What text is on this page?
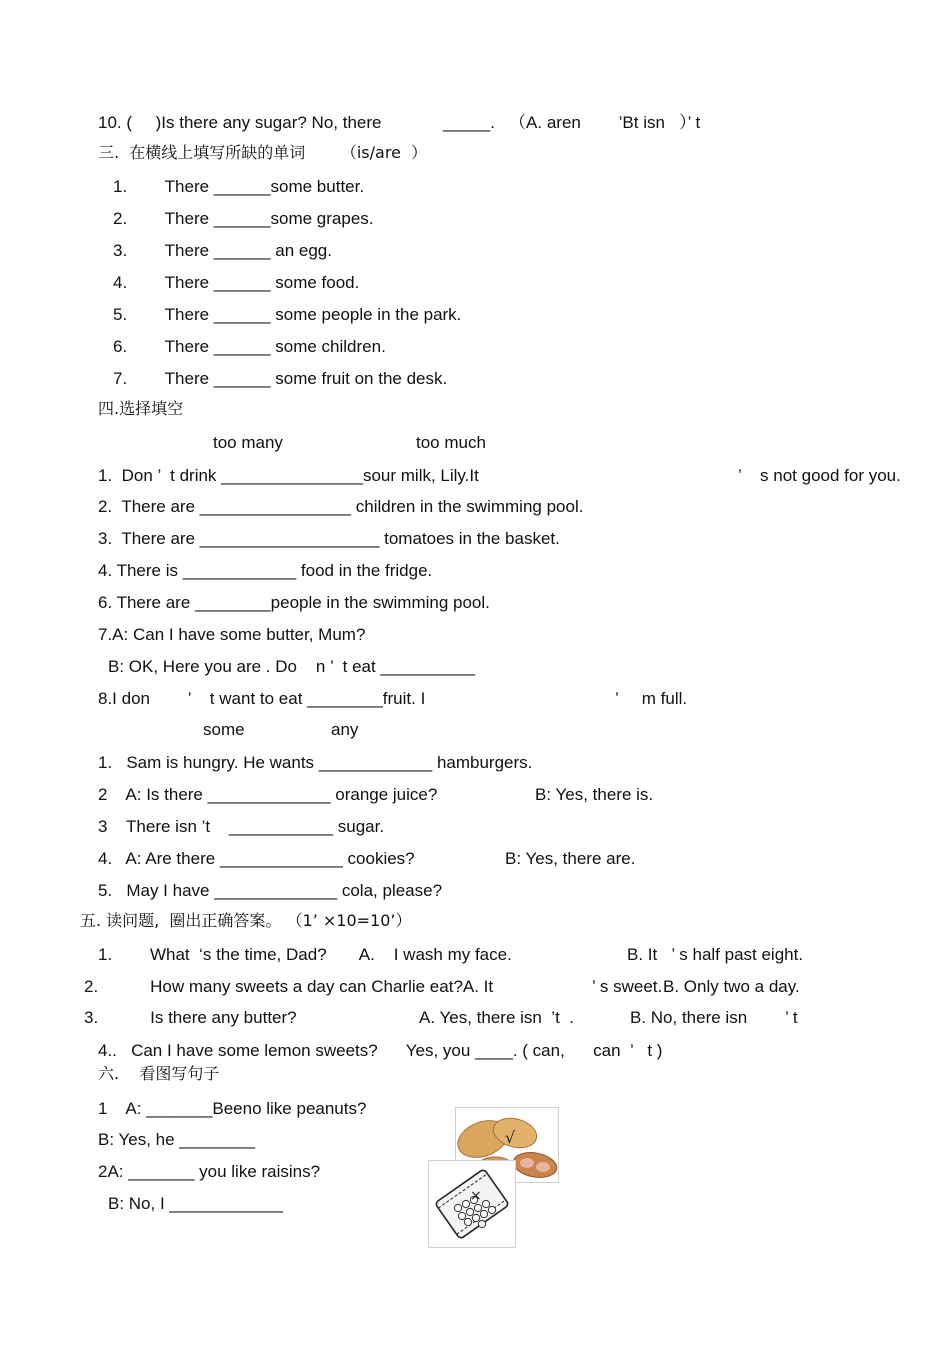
10. (     )Is there any sugar? No, there             _____.   （A. aren        ’Bt isn   ）’ t
三.  在横线上填写所缺的单词       （is/are  ）
1.        There ______some butter.
2.        There ______some grapes.
3.        There ______ an egg.
4.        There ______ some food.
5.        There ______ some people in the park.
6.        There ______ some children.
7.        There ______ some fruit on the desk.
四.选择填空
too many	too much
1.  Don ’  t drink _______________sour milk, Lily.It	’    s not good for you.
2.  There are ________________ children in the swimming pool.
3.  There are ___________________ tomatoes in the basket.
4. There is ____________ food in the fridge.
6. There are ________people in the swimming pool.
7.A: Can I have some butter, Mum?
B: OK, Here you are . Do    n ’  t eat __________
8.I don        ’    t want to eat ________fruit. I	’     m full.
some	any
1.   Sam is hungry. He wants ____________ hamburgers.
2    A: Is there _____________ orange juice?	B: Yes, there is.
3    There isn ’t    ___________ sugar.
4.   A: Are there _____________ cookies?	B: Yes, there are.
5.   May I have _____________ cola, please?
五. 读问题,  圈出正确答案。 （1’ ×10=10’）
1.        What  ‘s the time, Dad?       A.    I wash my face.	B. It   ’ s half past eight.
2.           How many sweets a day can Charlie eat?A. It	’ s sweet. B. Only two a day.
3.           Is there any butter?	A. Yes, there isn  ’t  .	B. No, there isn        ’ t
4..   Can I have some lemon sweets?      Yes, you ____. ( can,      can  ’   t )
六.    看图写句子
1    A: _______Beeno like peanuts?
B: Yes, he ________
2A: _______ you like raisins?
B: No, I ____________
√
×
